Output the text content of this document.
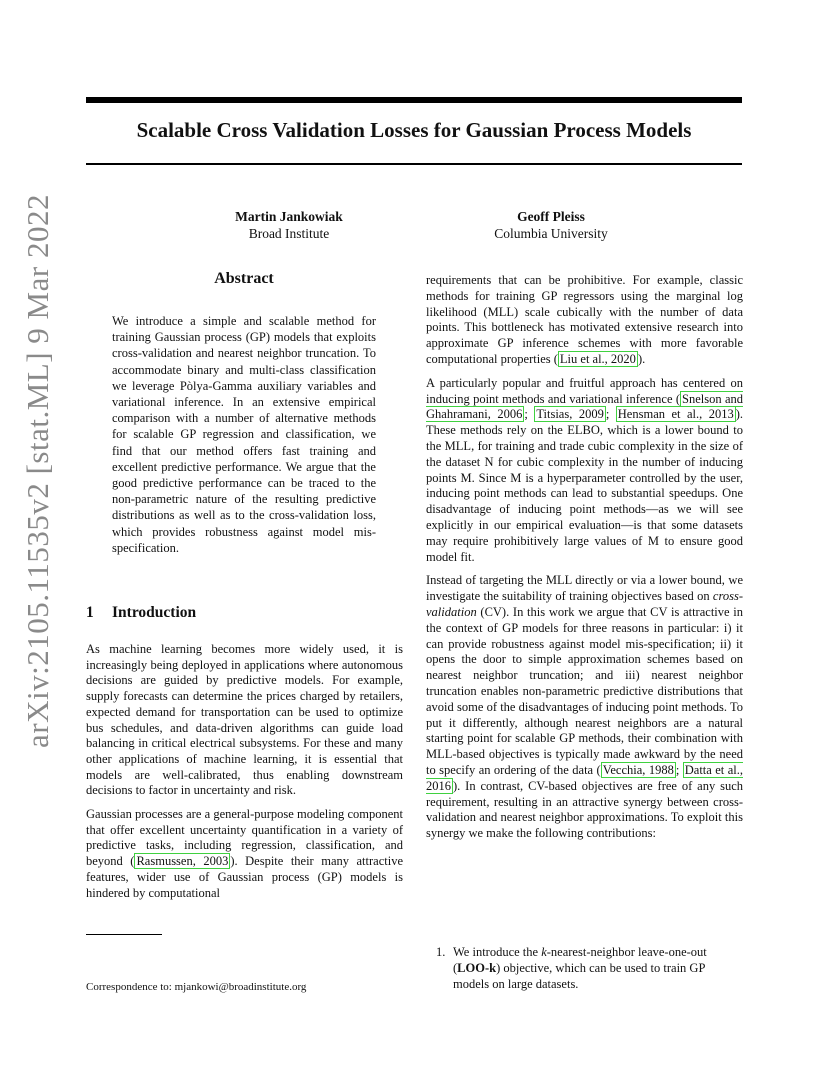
arXiv:2105.11535v2 [stat.ML] 9 Mar 2022
Scalable Cross Validation Losses for Gaussian Process Models
Martin Jankowiak
Broad Institute
Geoff Pleiss
Columbia University
Abstract
We introduce a simple and scalable method for training Gaussian process (GP) models that exploits cross-validation and nearest neighbor truncation. To accommodate binary and multi-class classification we leverage Pòlya-Gamma auxiliary variables and variational inference. In an extensive empirical comparison with a number of alternative methods for scalable GP regression and classification, we find that our method offers fast training and excellent predictive performance. We argue that the good predictive performance can be traced to the non-parametric nature of the resulting predictive distributions as well as to the cross-validation loss, which provides robustness against model mis-specification.
1 Introduction

As machine learning becomes more widely used, it is increasingly being deployed in applications where autonomous decisions are guided by predictive models. For example, supply forecasts can determine the prices charged by retailers, expected demand for transportation can be used to optimize bus schedules, and data-driven algorithms can guide load balancing in critical electrical subsystems. For these and many other applications of machine learning, it is essential that models are well-calibrated, thus enabling downstream decisions to factor in uncertainty and risk.

Gaussian processes are a general-purpose modeling component that offer excellent uncertainty quantification in a variety of predictive tasks, including regression, classification, and beyond ( Rasmussen, 2003 ). Despite their many attractive features, wider use of Gaussian process (GP) models is hindered by computational

requirements that can be prohibitive. For example, classic methods for training GP regressors using the marginal log likelihood (MLL) scale cubically with the number of data points. This bottleneck has motivated extensive research into approximate GP inference schemes with more favorable computational properties ( Liu et al., 2020 ).

A particularly popular and fruitful approach has centered on inducing point methods and variational inference ( Snelson and Ghahramani, 2006 ; Titsias, 2009 ; Hensman et al., 2013 ). These methods rely on the ELBO, which is a lower bound to the MLL, for training and trade cubic complexity in the size of the dataset N for cubic complexity in the number of inducing points M. Since M is a hyperparameter controlled by the user, inducing point methods can lead to substantial speedups. One disadvantage of inducing point methods—as we will see explicitly in our empirical evaluation—is that some datasets may require prohibitively large values of M to ensure good model fit.

Instead of targeting the MLL directly or via a lower bound, we investigate the suitability of training objectives based on cross-validation (CV). In this work we argue that CV is attractive in the context of GP models for three reasons in particular: i) it can provide robustness against model mis-specification; ii) it opens the door to simple approximation schemes based on nearest neighbor truncation; and iii) nearest neighbor truncation enables non-parametric predictive distributions that avoid some of the disadvantages of inducing point methods. To put it differently, although nearest neighbors are a natural starting point for scalable GP methods, their combination with MLL-based objectives is typically made awkward by the need to specify an ordering of the data ( Vecchia, 1988 ; Datta et al., 2016 ). In contrast, CV-based objectives are free of any such requirement, resulting in an attractive synergy between cross-validation and nearest neighbor approximations. To exploit this synergy we make the following contributions:

1. We introduce the k-nearest-neighbor leave-one-out (LOO-k) objective, which can be used to train GP models on large datasets.
Correspondence to: mjankowi@broadinstitute.org
